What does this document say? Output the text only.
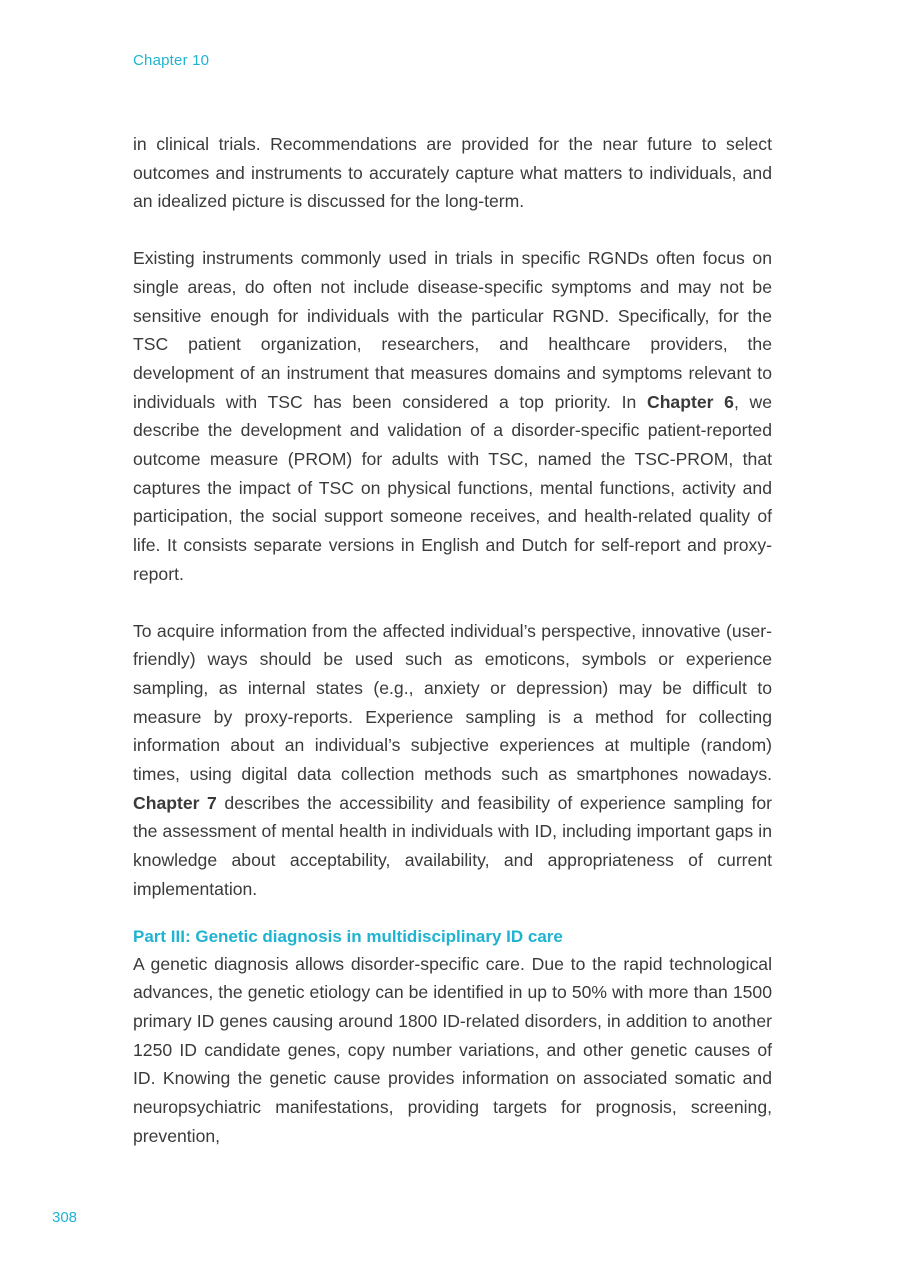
Chapter 10

in clinical trials. Recommendations are provided for the near future to select outcomes and instruments to accurately capture what matters to individuals, and an idealized picture is discussed for the long-term.

Existing instruments commonly used in trials in specific RGNDs often focus on single areas, do often not include disease-specific symptoms and may not be sensitive enough for individuals with the particular RGND. Specifically, for the TSC patient organization, researchers, and healthcare providers, the development of an instrument that measures domains and symptoms relevant to individuals with TSC has been considered a top priority. In Chapter 6, we describe the development and validation of a disorder-specific patient-reported outcome measure (PROM) for adults with TSC, named the TSC-PROM, that captures the impact of TSC on physical functions, mental functions, activity and participation, the social support someone receives, and health-related quality of life. It consists separate versions in English and Dutch for self-report and proxy-report.

To acquire information from the affected individual’s perspective, innovative (user-friendly) ways should be used such as emoticons, symbols or experience sampling, as internal states (e.g., anxiety or depression) may be difficult to measure by proxy-reports. Experience sampling is a method for collecting information about an individual’s subjective experiences at multiple (random) times, using digital data collection methods such as smartphones nowadays. Chapter 7 describes the accessibility and feasibility of experience sampling for the assessment of mental health in individuals with ID, including important gaps in knowledge about acceptability, availability, and appropriateness of current implementation.

Part III: Genetic diagnosis in multidisciplinary ID care

A genetic diagnosis allows disorder-specific care. Due to the rapid technological advances, the genetic etiology can be identified in up to 50% with more than 1500 primary ID genes causing around 1800 ID-related disorders, in addition to another 1250 ID candidate genes, copy number variations, and other genetic causes of ID. Knowing the genetic cause provides information on associated somatic and neuropsychiatric manifestations, providing targets for prognosis, screening, prevention,

308
